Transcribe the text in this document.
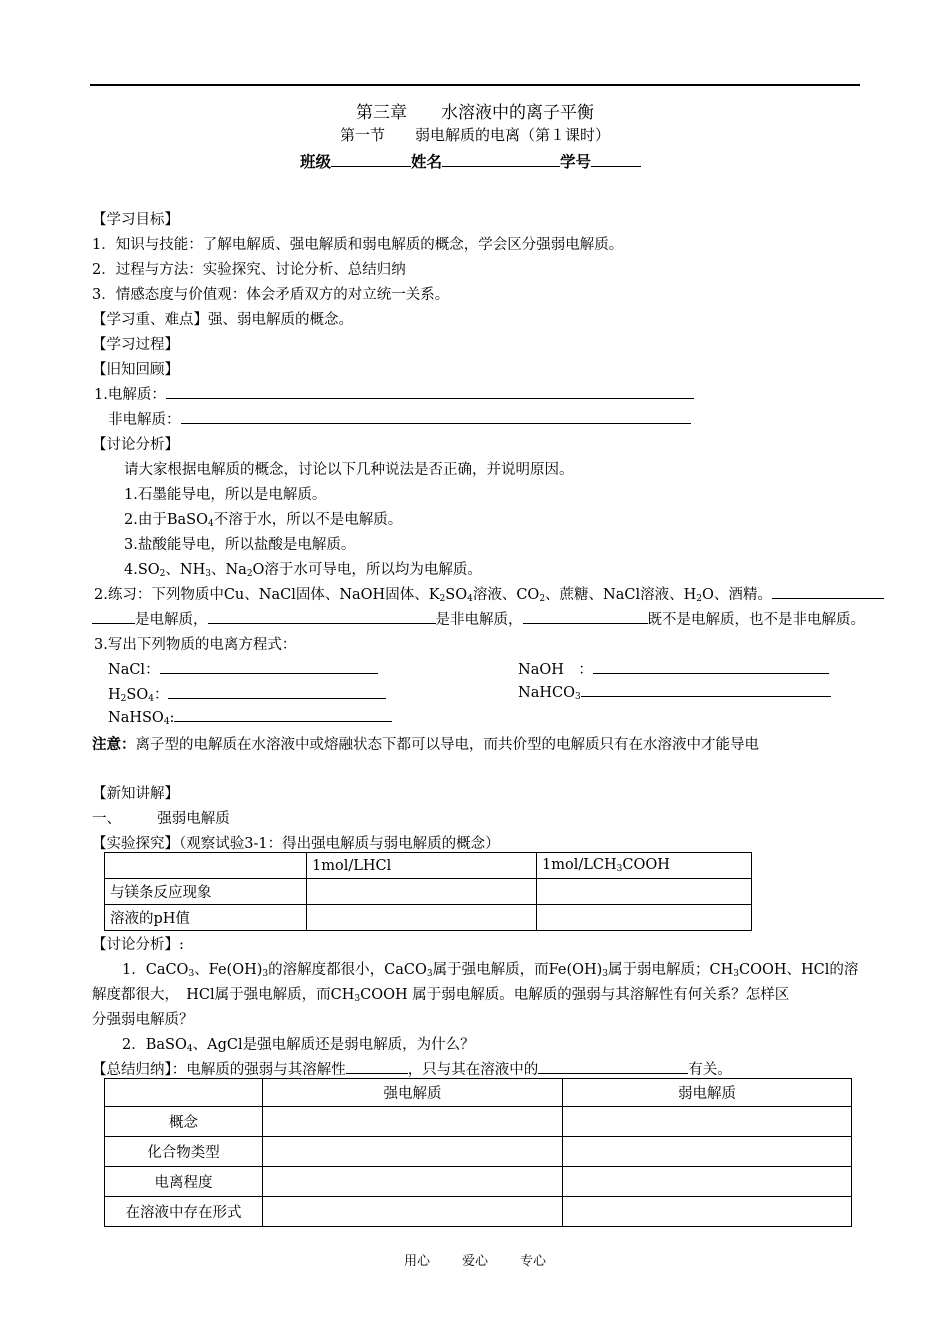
第三章　　水溶液中的离子平衡
第一节　　弱电解质的电离（第１课时）
班级	姓名	学号
【学习目标】
1．知识与技能：了解电解质、强电解质和弱电解质的概念，学会区分强弱电解质。
2．过程与方法：实验探究、讨论分析、总结归纳
3．情感态度与价值观：体会矛盾双方的对立统一关系。
【学习重、难点】强、弱电解质的概念。
【学习过程】
【旧知回顾】
1.电解质：
非电解质：
【讨论分析】
请大家根据电解质的概念，讨论以下几种说法是否正确，并说明原因。
1.石墨能导电，所以是电解质。
2.由于BaSO$_4$不溶于水，所以不是电解质。
3.盐酸能导电，所以盐酸是电解质。
$4.SO_2$、$NH_3$、$Na_2O$溶于水可导电，所以均为电解质。
2.练习：下列物质中Cu、NaCl固体、NaOH固体、$K_2SO_4$溶液、$CO_2$、蔗糖、NaCl溶液、$H_2O$、酒精。
是电解质，	是非电解质，	既不是电解质，也不是非电解质。
3.写出下列物质的电离方程式：
NaCl：	NaOH　：
$H_2SO_4$：	NaHCO$_3$
NaHSO$_4$:
注意：离子型的电解质在水溶液中或熔融状态下都可以导电，而共价型的电解质只有在水溶液中才能导电
【新知讲解】
一、　　　强弱电解质
【实验探究】（观察试验3-1：得出强电解质与弱电解质的概念）
	1mol/LHCl	$1mol/LCH_3COOH$
与镁条反应现象		
溶液的pH值		
【讨论分析】:
1．CaCO$_3$、$Fe(OH)_3$的溶解度都很小，CaCO$_3$属于强电解质，而$Fe(OH)_3$属于弱电解质；$CH_3COOH$、HCl的溶
解度都很大，　HCl属于强电解质，而$CH_3COOH$ 属于弱电解质。电解质的强弱与其溶解性有何关系？怎样区
分强弱电解质？
2．BaSO$_4$、AgCl是强电解质还是弱电解质，为什么？
【总结归纳】：电解质的强弱与其溶解性	，只与其在溶液中的	有关。
	强电解质	弱电解质
概念		
化合物类型		
电离程度		
在溶液中存在形式		
用心 爱心 专心
